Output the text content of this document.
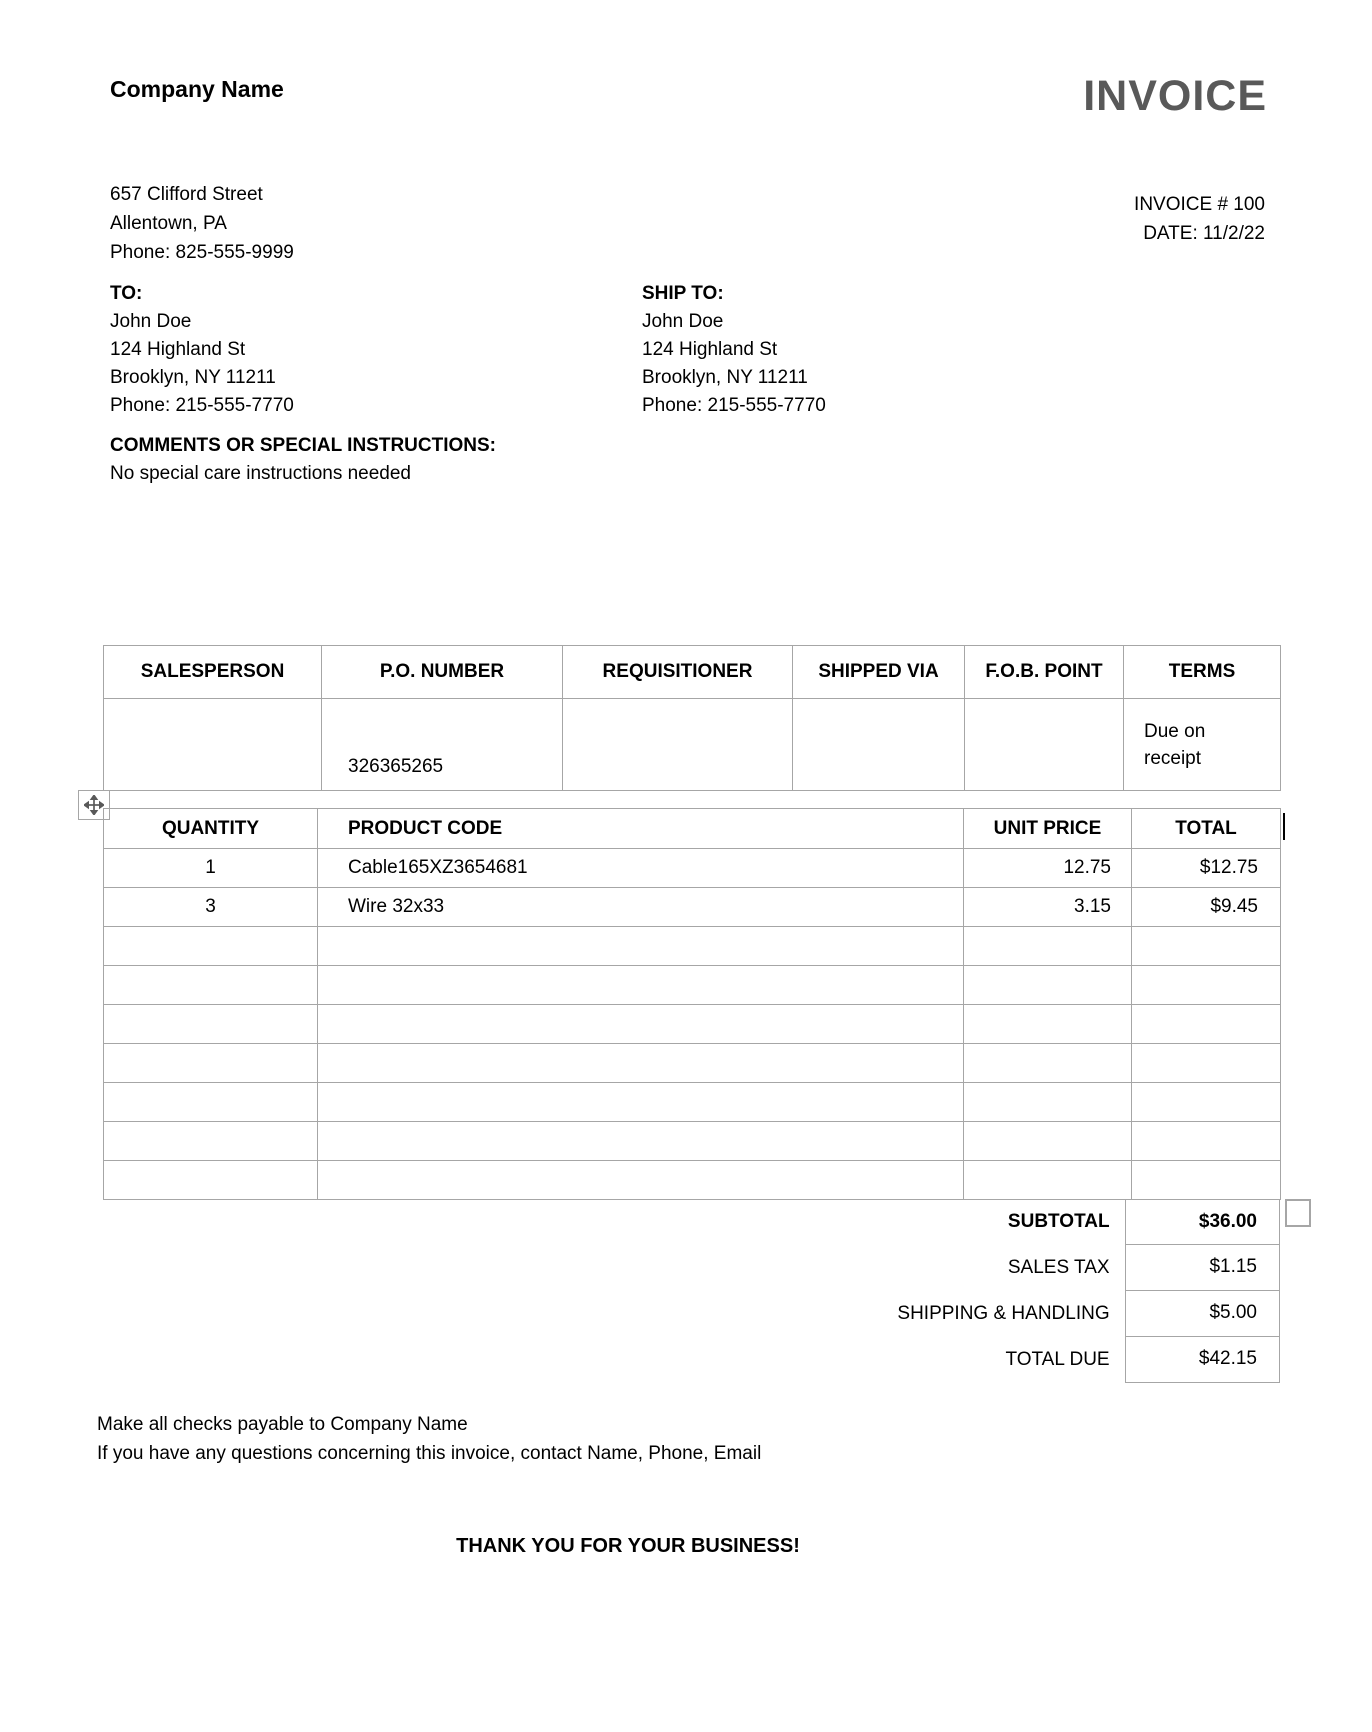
Company Name	INVOICE
INVOICE # 100
DATE: 11/2/22
657 Clifford Street
Allentown, PA
Phone: 825-555-9999
TO:
John Doe
124 Highland St
Brooklyn, NY 11211
Phone: 215-555-7770
SHIP TO:
John Doe
124 Highland St
Brooklyn, NY 11211
Phone: 215-555-7770
COMMENTS OR SPECIAL INSTRUCTIONS:
No special care instructions needed
SALESPERSON	P.O. NUMBER	REQUISITIONER	SHIPPED VIA	F.O.B. POINT	TERMS
	326365265				Due on receipt
QUANTITY	PRODUCT CODE	UNIT PRICE	TOTAL
1	Cable165XZ3654681	12.75	$12.75
3	Wire 32x33	3.15	$9.45

SUBTOTAL	$36.00
SALES TAX	$1.15
SHIPPING & HANDLING	$5.00
TOTAL DUE	$42.15
Make all checks payable to Company Name
If you have any questions concerning this invoice, contact Name, Phone, Email
THANK YOU FOR YOUR BUSINESS!
